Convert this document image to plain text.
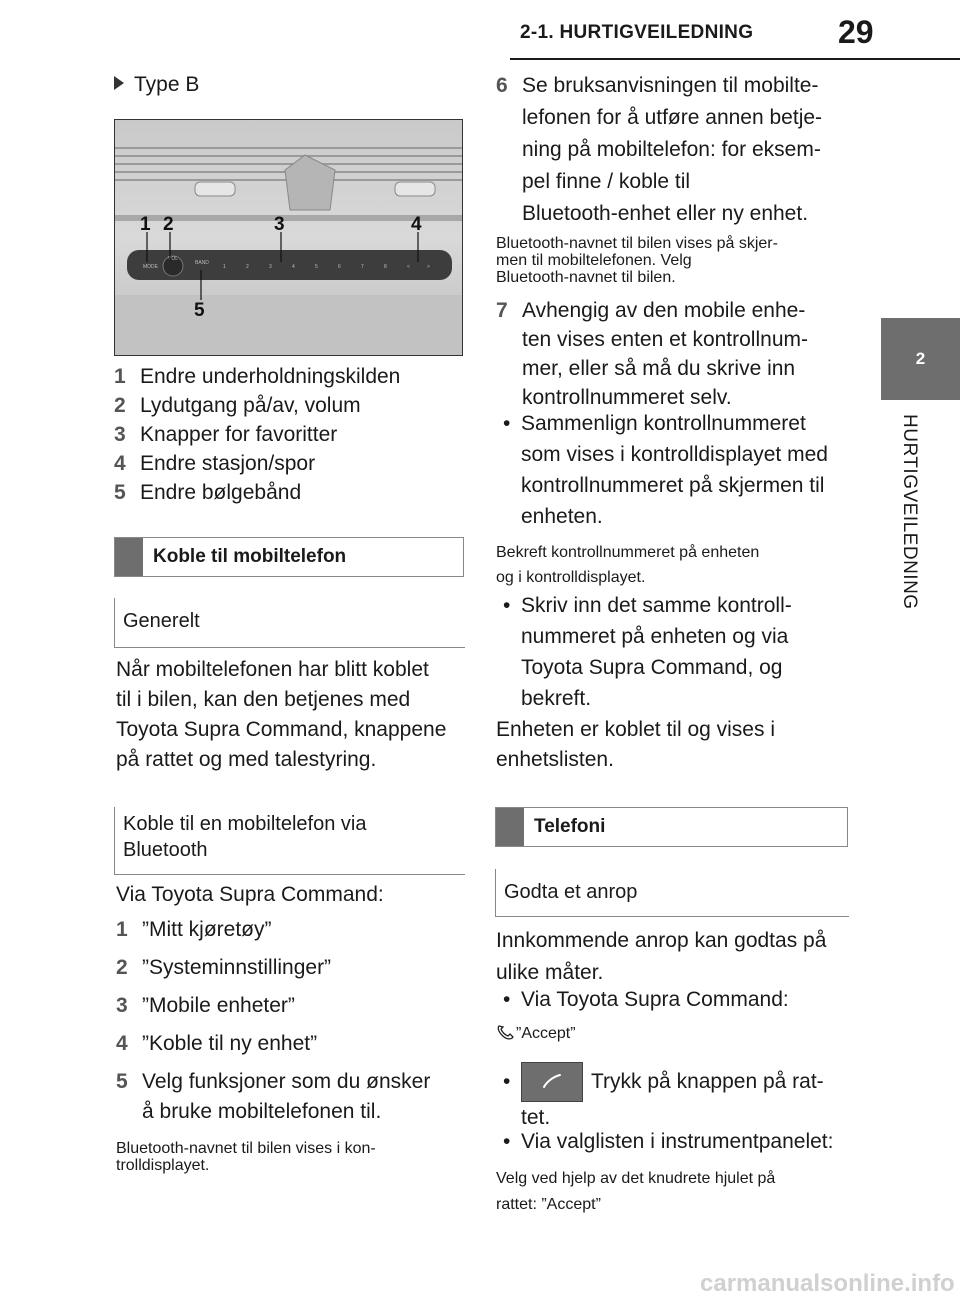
2-1. HURTIGVEILEDNING	29
2
HURTIGVEILEDNING
Type B
MODE
VOL
BAND
1	2	3	4	5	6	7	8	<	>
1 2	3	4
5
1 Endre underholdningskilden
2 Lydutgang på/av, volum
3 Knapper for favoritter
4 Endre stasjon/spor
5 Endre bølgebånd
Koble til mobiltelefon
Generelt
Når mobiltelefonen har blitt koblet
til i bilen, kan den betjenes med
Toyota Supra Command, knappene
på rattet og med talestyring.
Koble til en mobiltelefon via
Bluetooth
Via Toyota Supra Command:
1 ”Mitt kjøretøy”
2 ”Systeminnstillinger”
3 ”Mobile enheter”
4 ”Koble til ny enhet”
5 Velg funksjoner som du ønsker
å bruke mobiltelefonen til.
Bluetooth-navnet til bilen vises i kon-
trolldisplayet.
6 Se bruksanvisningen til mobilte-
lefonen for å utføre annen betje-
ning på mobiltelefon: for eksem-
pel finne / koble til
Bluetooth-enhet eller ny enhet.
Bluetooth-navnet til bilen vises på skjer-
men til mobiltelefonen. Velg
Bluetooth-navnet til bilen.
7 Avhengig av den mobile enhe-
ten vises enten et kontrollnum-
mer, eller så må du skrive inn
kontrollnummeret selv.
• Sammenlign kontrollnummeret
som vises i kontrolldisplayet med
kontrollnummeret på skjermen til
enheten.
Bekreft kontrollnummeret på enheten
og i kontrolldisplayet.
• Skriv inn det samme kontroll-
nummeret på enheten og via
Toyota Supra Command, og
bekreft.
Enheten er koblet til og vises i
enhetslisten.
Telefoni
Godta et anrop
Innkommende anrop kan godtas på
ulike måter.
• Via Toyota Supra Command:
”Accept”
•	Trykk på knappen på rat-
tet.
• Via valglisten i instrumentpanelet:
Velg ved hjelp av det knudrete hjulet på
rattet: ”Accept”
carmanualsonline.info
